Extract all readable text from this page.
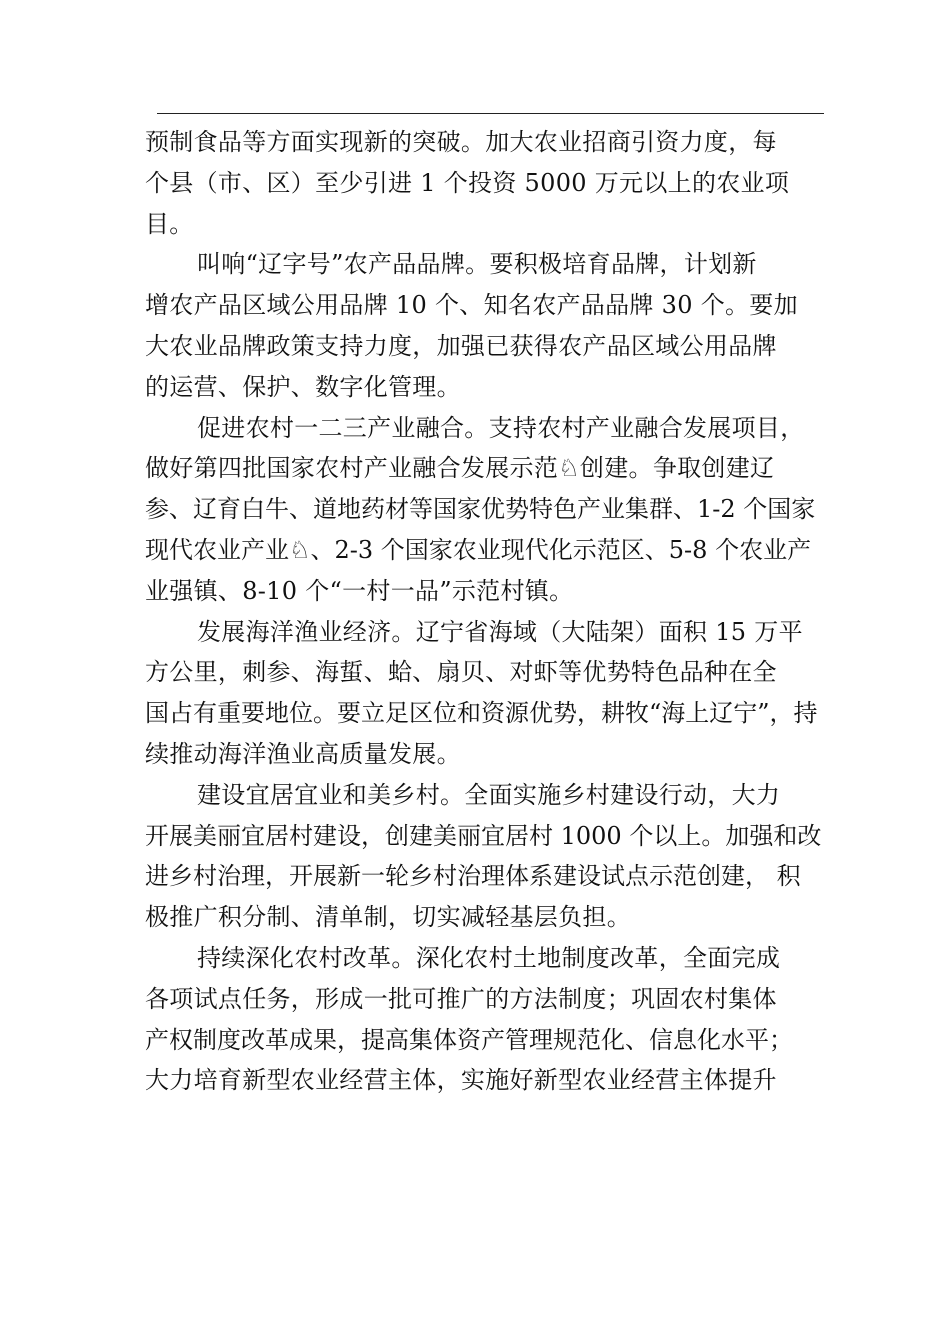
预制食品等方面实现新的突破。加大农业招商引资力度，每
个县（市、区）至少引进 1 个投资 5000 万元以上的农业项
目。
叫响“辽字号”农产品品牌。要积极培育品牌，计划新
增农产品区域公用品牌 10 个、知名农产品品牌 30 个。要加
大农业品牌政策支持力度，加强已获得农产品区域公用品牌
的运营、保护、数字化管理。
促进农村一二三产业融合。支持农村产业融合发展项目，
做好第四批国家农村产业融合发展示范♘创建。争取创建辽
参、辽育白牛、道地药材等国家优势特色产业集群、1-2 个国家
现代农业产业♘、2-3 个国家农业现代化示范区、5-8 个农业产
业强镇、8-10 个“一村一品”示范村镇。
发展海洋渔业经济。辽宁省海域（大陆架）面积 15 万平
方公里，刺参、海蜇、蛤、扇贝、对虾等优势特色品种在全
国占有重要地位。要立足区位和资源优势，耕牧“海上辽宁”，持
续推动海洋渔业高质量发展。
建设宜居宜业和美乡村。全面实施乡村建设行动，大力
开展美丽宜居村建设，创建美丽宜居村 1000 个以上。加强和改
进乡村治理，开展新一轮乡村治理体系建设试点示范创建， 积
极推广积分制、清单制，切实减轻基层负担。
持续深化农村改革。深化农村土地制度改革，全面完成
各项试点任务，形成一批可推广的方法制度；巩固农村集体
产权制度改革成果，提高集体资产管理规范化、信息化水平；
大力培育新型农业经营主体，实施好新型农业经营主体提升
